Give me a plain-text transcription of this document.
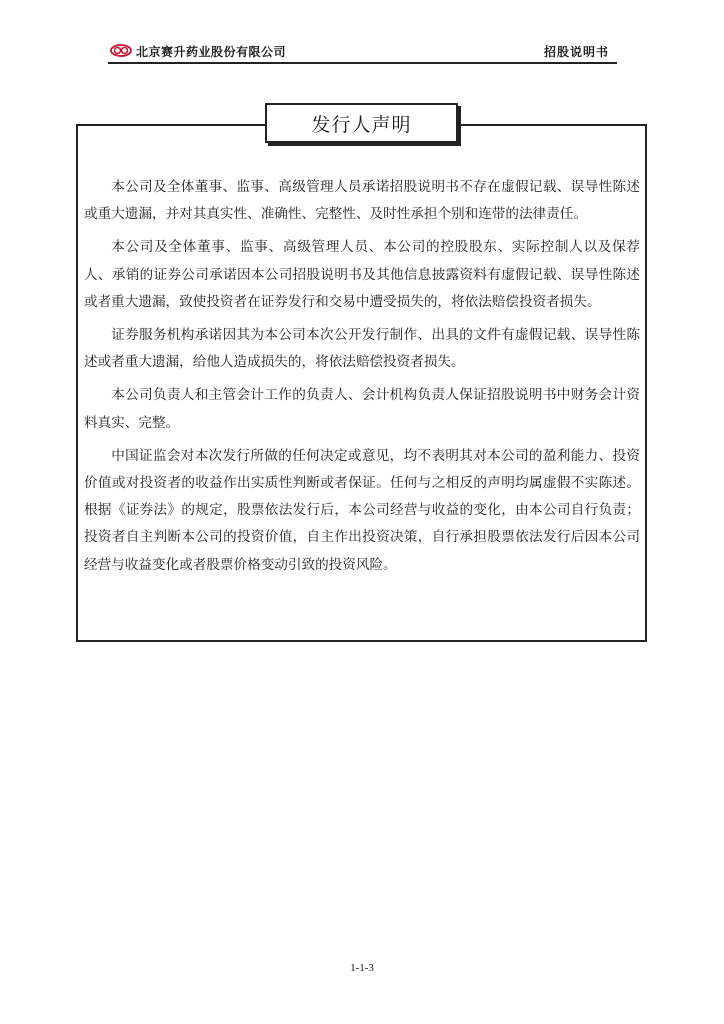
北京赛升药业股份有限公司	招股说明书
发行人声明

本公司及全体董事、监事、高级管理人员承诺招股说明书不存在虚假记载、误导性陈述或重大遗漏，并对其真实性、准确性、完整性、及时性承担个别和连带的法律责任。

本公司及全体董事、监事、高级管理人员、本公司的控股股东、实际控制人以及保荐人、承销的证券公司承诺因本公司招股说明书及其他信息披露资料有虚假记载、误导性陈述或者重大遗漏，致使投资者在证券发行和交易中遭受损失的，将依法赔偿投资者损失。

证券服务机构承诺因其为本公司本次公开发行制作、出具的文件有虚假记载、误导性陈述或者重大遗漏，给他人造成损失的，将依法赔偿投资者损失。

本公司负责人和主管会计工作的负责人、会计机构负责人保证招股说明书中财务会计资料真实、完整。

中国证监会对本次发行所做的任何决定或意见，均不表明其对本公司的盈利能力、投资价值或对投资者的收益作出实质性判断或者保证。任何与之相反的声明均属虚假不实陈述。根据《证券法》的规定，股票依法发行后，本公司经营与收益的变化，由本公司自行负责；投资者自主判断本公司的投资价值，自主作出投资决策，自行承担股票依法发行后因本公司经营与收益变化或者股票价格变动引致的投资风险。

1-1-3
